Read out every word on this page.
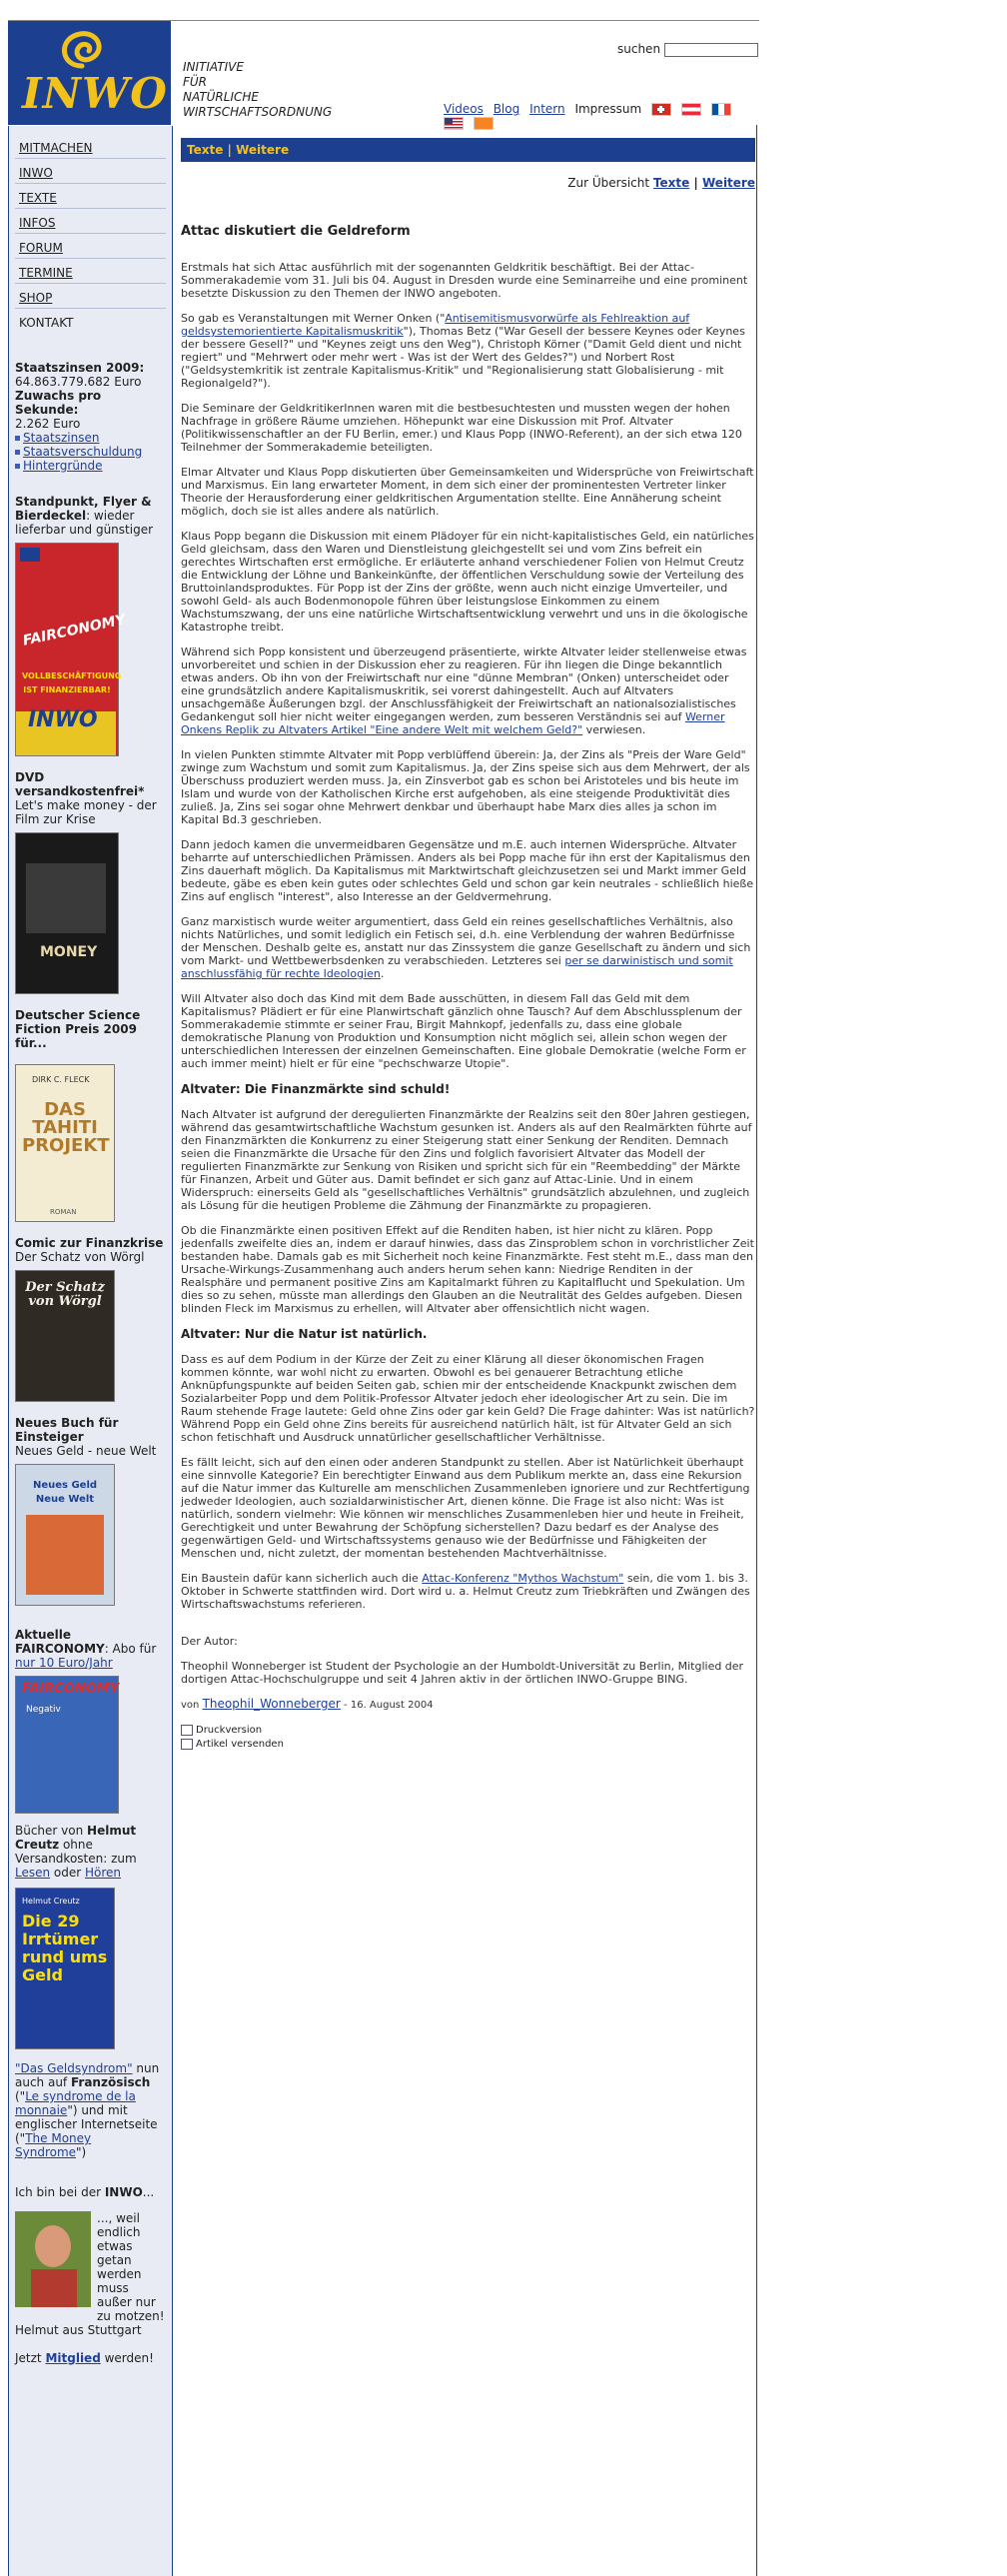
INWO
INITIATIVE
FÜR
NATÜRLICHE
WIRTSCHAFTSORDNUNG
suchen
Videos Blog Intern Impressum

MITMACHEN
INWO
TEXTE
INFOS
FORUM
TERMINE
SHOP
KONTAKT
Staatszinsen 2009:
64.863.779.682 Euro
Zuwachs pro Sekunde:
2.262 Euro

Staatszinsen
Staatsverschuldung
Hintergründe
Standpunkt, Flyer & Bierdeckel: wieder lieferbar und günstiger
FAIRCONOMY
VOLLBESCHÄFTIGUNG IST FINANZIERBAR!
INWO
DVD versandkostenfrei*
Let's make money - der Film zur Krise
MONEY
Deutscher Science Fiction Preis 2009 für...
DIRK C. FLECK
DAS TAHITI PROJEKT
ROMAN
Comic zur Finanzkrise
Der Schatz von Wörgl
Der Schatz von Wörgl
Neues Buch für Einsteiger
Neues Geld - neue Welt
Neues Geld Neue Welt
Aktuelle FAIRCONOMY: Abo für nur 10 Euro/Jahr
FAIRCONOMY
Negativ
Bücher von Helmut Creutz ohne Versandkosten: zum Lesen oder Hören
Helmut Creutz
Die 29 Irrtümer rund ums Geld
"Das Geldsyndrom" nun auch auf Französisch ("Le syndrome de la monnaie") und mit englischer Internetseite ("The Money Syndrome")
Ich bin bei der INWO...
..., weil endlich etwas getan werden muss außer nur zu motzen!
Helmut aus Stuttgart
Jetzt Mitglied werden!
Texte | Weitere
Zur Übersicht Texte | Weitere
Attac diskutiert die Geldreform

Erstmals hat sich Attac ausführlich mit der sogenannten Geldkritik beschäftigt. Bei der Attac-Sommerakademie vom 31. Juli bis 04. August in Dresden wurde eine Seminarreihe und eine prominent besetzte Diskussion zu den Themen der INWO angeboten.

So gab es Veranstaltungen mit Werner Onken ("Antisemitismusvorwürfe als Fehlreaktion auf geldsystemorientierte Kapitalismuskritik"), Thomas Betz ("War Gesell der bessere Keynes oder Keynes der bessere Gesell?" und "Keynes zeigt uns den Weg"), Christoph Körner ("Damit Geld dient und nicht regiert" und "Mehrwert oder mehr wert - Was ist der Wert des Geldes?") und Norbert Rost ("Geldsystemkritik ist zentrale Kapitalismus-Kritik" und "Regionalisierung statt Globalisierung - mit Regionalgeld?").

Die Seminare der GeldkritikerInnen waren mit die bestbesuchtesten und mussten wegen der hohen Nachfrage in größere Räume umziehen. Höhepunkt war eine Diskussion mit Prof. Altvater (Politikwissenschaftler an der FU Berlin, emer.) und Klaus Popp (INWO-Referent), an der sich etwa 120 Teilnehmer der Sommerakademie beteiligten.

Elmar Altvater und Klaus Popp diskutierten über Gemeinsamkeiten und Widersprüche von Freiwirtschaft und Marxismus. Ein lang erwarteter Moment, in dem sich einer der prominentesten Vertreter linker Theorie der Herausforderung einer geldkritischen Argumentation stellte. Eine Annäherung scheint möglich, doch sie ist alles andere als natürlich.

Klaus Popp begann die Diskussion mit einem Plädoyer für ein nicht-kapitalistisches Geld, ein natürliches Geld gleichsam, dass den Waren und Dienstleistung gleichgestellt sei und vom Zins befreit ein gerechtes Wirtschaften erst ermögliche. Er erläuterte anhand verschiedener Folien von Helmut Creutz die Entwicklung der Löhne und Bankeinkünfte, der öffentlichen Verschuldung sowie der Verteilung des Bruttoinlandsproduktes. Für Popp ist der Zins der größte, wenn auch nicht einzige Umverteiler, und sowohl Geld- als auch Bodenmonopole führen über leistungslose Einkommen zu einem Wachstumszwang, der uns eine natürliche Wirtschaftsentwicklung verwehrt und uns in die ökologische Katastrophe treibt.

Während sich Popp konsistent und überzeugend präsentierte, wirkte Altvater leider stellenweise etwas unvorbereitet und schien in der Diskussion eher zu reagieren. Für ihn liegen die Dinge bekanntlich etwas anders. Ob ihn von der Freiwirtschaft nur eine "dünne Membran" (Onken) unterscheidet oder eine grundsätzlich andere Kapitalismuskritik, sei vorerst dahingestellt. Auch auf Altvaters unsachgemäße Äußerungen bzgl. der Anschlussfähigkeit der Freiwirtschaft an nationalsozialistisches Gedankengut soll hier nicht weiter eingegangen werden, zum besseren Verständnis sei auf Werner Onkens Replik zu Altvaters Artikel "Eine andere Welt mit welchem Geld?" verwiesen.

In vielen Punkten stimmte Altvater mit Popp verblüffend überein: Ja, der Zins als "Preis der Ware Geld" zwinge zum Wachstum und somit zum Kapitalismus. Ja, der Zins speise sich aus dem Mehrwert, der als Überschuss produziert werden muss. Ja, ein Zinsverbot gab es schon bei Aristoteles und bis heute im Islam und wurde von der Katholischen Kirche erst aufgehoben, als eine steigende Produktivität dies zuließ. Ja, Zins sei sogar ohne Mehrwert denkbar und überhaupt habe Marx dies alles ja schon im Kapital Bd.3 geschrieben.

Dann jedoch kamen die unvermeidbaren Gegensätze und m.E. auch internen Widersprüche. Altvater beharrte auf unterschiedlichen Prämissen. Anders als bei Popp mache für ihn erst der Kapitalismus den Zins dauerhaft möglich. Da Kapitalismus mit Marktwirtschaft gleichzusetzen sei und Markt immer Geld bedeute, gäbe es eben kein gutes oder schlechtes Geld und schon gar kein neutrales - schließlich hieße Zins auf englisch "interest", also Interesse an der Geldvermehrung.

Ganz marxistisch wurde weiter argumentiert, dass Geld ein reines gesellschaftliches Verhältnis, also nichts Natürliches, und somit lediglich ein Fetisch sei, d.h. eine Verblendung der wahren Bedürfnisse der Menschen. Deshalb gelte es, anstatt nur das Zinssystem die ganze Gesellschaft zu ändern und sich vom Markt- und Wettbewerbsdenken zu verabschieden. Letzteres sei per se darwinistisch und somit anschlussfähig für rechte Ideologien.

Will Altvater also doch das Kind mit dem Bade ausschütten, in diesem Fall das Geld mit dem Kapitalismus? Plädiert er für eine Planwirtschaft gänzlich ohne Tausch? Auf dem Abschlussplenum der Sommerakademie stimmte er seiner Frau, Birgit Mahnkopf, jedenfalls zu, dass eine globale demokratische Planung von Produktion und Konsumption nicht möglich sei, allein schon wegen der unterschiedlichen Interessen der einzelnen Gemeinschaften. Eine globale Demokratie (welche Form er auch immer meint) hielt er für eine "pechschwarze Utopie".

Altvater: Die Finanzmärkte sind schuld!

Nach Altvater ist aufgrund der deregulierten Finanzmärkte der Realzins seit den 80er Jahren gestiegen, während das gesamtwirtschaftliche Wachstum gesunken ist. Anders als auf den Realmärkten führte auf den Finanzmärkten die Konkurrenz zu einer Steigerung statt einer Senkung der Renditen. Demnach seien die Finanzmärkte die Ursache für den Zins und folglich favorisiert Altvater das Modell der regulierten Finanzmärkte zur Senkung von Risiken und spricht sich für ein "Reembedding" der Märkte für Finanzen, Arbeit und Güter aus. Damit befindet er sich ganz auf Attac-Linie. Und in einem Widerspruch: einerseits Geld als "gesellschaftliches Verhältnis" grundsätzlich abzulehnen, und zugleich als Lösung für die heutigen Probleme die Zähmung der Finanzmärkte zu propagieren.

Ob die Finanzmärkte einen positiven Effekt auf die Renditen haben, ist hier nicht zu klären. Popp jedenfalls zweifelte dies an, indem er darauf hinwies, dass das Zinsproblem schon in vorchristlicher Zeit bestanden habe. Damals gab es mit Sicherheit noch keine Finanzmärkte. Fest steht m.E., dass man den Ursache-Wirkungs-Zusammenhang auch anders herum sehen kann: Niedrige Renditen in der Realsphäre und permanent positive Zins am Kapitalmarkt führen zu Kapitalflucht und Spekulation. Um dies so zu sehen, müsste man allerdings den Glauben an die Neutralität des Geldes aufgeben. Diesen blinden Fleck im Marxismus zu erhellen, will Altvater aber offensichtlich nicht wagen.

Altvater: Nur die Natur ist natürlich.

Dass es auf dem Podium in der Kürze der Zeit zu einer Klärung all dieser ökonomischen Fragen kommen könnte, war wohl nicht zu erwarten. Obwohl es bei genauerer Betrachtung etliche Anknüpfungspunkte auf beiden Seiten gab, schien mir der entscheidende Knackpunkt zwischen dem Sozialarbeiter Popp und dem Politik-Professor Altvater jedoch eher ideologischer Art zu sein. Die im Raum stehende Frage lautete: Geld ohne Zins oder gar kein Geld? Die Frage dahinter: Was ist natürlich? Während Popp ein Geld ohne Zins bereits für ausreichend natürlich hält, ist für Altvater Geld an sich schon fetischhaft und Ausdruck unnatürlicher gesellschaftlicher Verhältnisse.

Es fällt leicht, sich auf den einen oder anderen Standpunkt zu stellen. Aber ist Natürlichkeit überhaupt eine sinnvolle Kategorie? Ein berechtigter Einwand aus dem Publikum merkte an, dass eine Rekursion auf die Natur immer das Kulturelle am menschlichen Zusammenleben ignoriere und zur Rechtfertigung jedweder Ideologien, auch sozialdarwinistischer Art, dienen könne. Die Frage ist also nicht: Was ist natürlich, sondern vielmehr: Wie können wir menschliches Zusammenleben hier und heute in Freiheit, Gerechtigkeit und unter Bewahrung der Schöpfung sicherstellen? Dazu bedarf es der Analyse des gegenwärtigen Geld- und Wirtschaftssystems genauso wie der Bedürfnisse und Fähigkeiten der Menschen und, nicht zuletzt, der momentan bestehenden Machtverhältnisse.

Ein Baustein dafür kann sicherlich auch die Attac-Konferenz "Mythos Wachstum" sein, die vom 1. bis 3. Oktober in Schwerte stattfinden wird. Dort wird u. a. Helmut Creutz zum Triebkräften und Zwängen des Wirtschaftswachstums referieren.

Der Autor:

Theophil Wonneberger ist Student der Psychologie an der Humboldt-Universität zu Berlin, Mitglied der dortigen Attac-Hochschulgruppe und seit 4 Jahren aktiv in der örtlichen INWO-Gruppe BING.

von Theophil_Wonneberger - 16. August 2004

Druckversion
Artikel versenden
